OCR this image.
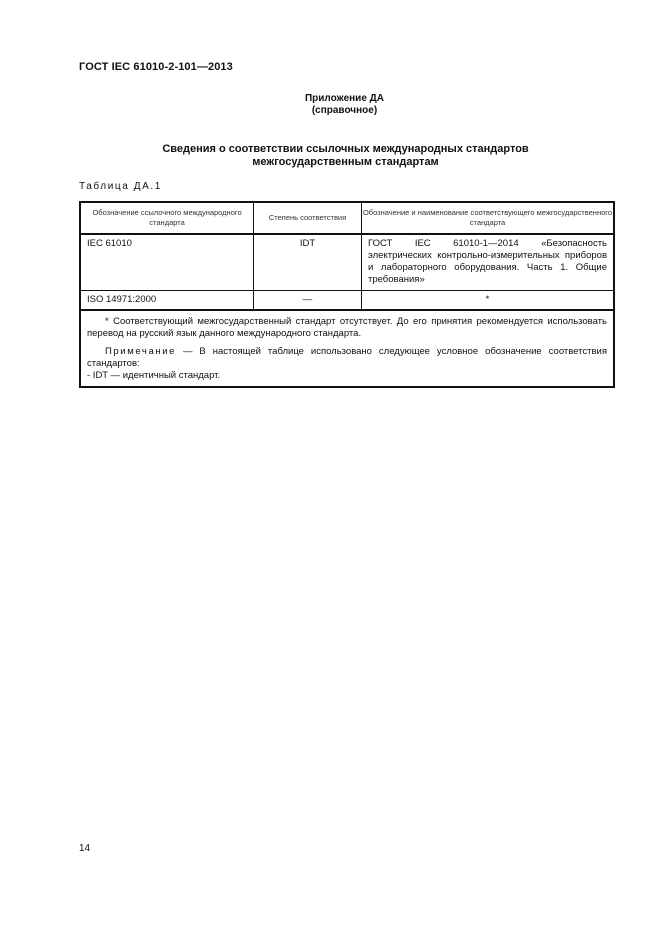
ГОСТ IEC 61010-2-101—2013
Приложение ДА
(справочное)
Сведения о соответствии ссылочных международных стандартов
межгосударственным стандартам
Таблица ДА.1
Обозначение ссылочного международного стандарта	Степень соответствия	Обозначение и наименование соответствующего межгосударственного стандарта
IEC 61010	IDT	ГОСТ IEC 61010-1—2014 «Безопасность электрических контрольно-измерительных приборов и лабораторного оборудования. Часть 1. Общие требования»
ISO 14971:2000	—	*

* Соответствующий межгосударственный стандарт отсутствует. До его принятия рекомендуется использовать перевод на русский язык данного международного стандарта.

Примечание — В настоящей таблице использовано следующее условное обозначение соответствия стандартов:

- IDT — идентичный стандарт.		

14
